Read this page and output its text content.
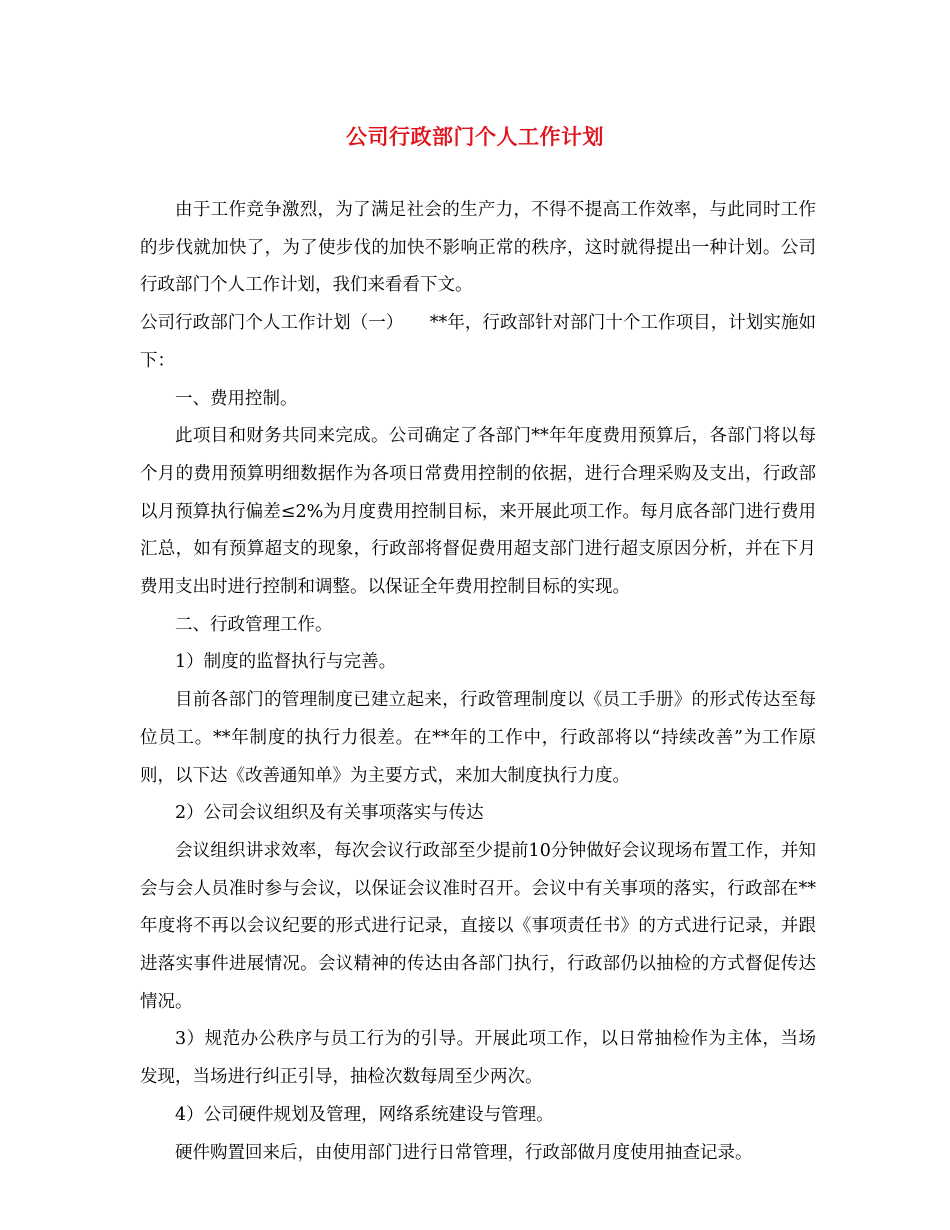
公司行政部门个人工作计划

由于工作竞争激烈，为了满足社会的生产力，不得不提高工作效率，与此同时工作的步伐就加快了，为了使步伐的加快不影响正常的秩序，这时就得提出一种计划。公司行政部门个人工作计划，我们来看看下文。

公司行政部门个人工作计划（一）　　**年，行政部针对部门十个工作项目，计划实施如下：

一、费用控制。

此项目和财务共同来完成。公司确定了各部门**年年度费用预算后，各部门将以每个月的费用预算明细数据作为各项日常费用控制的依据，进行合理采购及支出，行政部以月预算执行偏差≤2%为月度费用控制目标，来开展此项工作。每月底各部门进行费用汇总，如有预算超支的现象，行政部将督促费用超支部门进行超支原因分析，并在下月费用支出时进行控制和调整。以保证全年费用控制目标的实现。

二、行政管理工作。

1）制度的监督执行与完善。

目前各部门的管理制度已建立起来，行政管理制度以《员工手册》的形式传达至每位员工。**年制度的执行力很差。在**年的工作中，行政部将以“持续改善”为工作原则，以下达《改善通知单》为主要方式，来加大制度执行力度。

2）公司会议组织及有关事项落实与传达

会议组织讲求效率，每次会议行政部至少提前10分钟做好会议现场布置工作，并知会与会人员准时参与会议，以保证会议准时召开。会议中有关事项的落实，行政部在**年度将不再以会议纪要的形式进行记录，直接以《事项责任书》的方式进行记录，并跟进落实事件进展情况。会议精神的传达由各部门执行，行政部仍以抽检的方式督促传达情况。

3）规范办公秩序与员工行为的引导。开展此项工作，以日常抽检作为主体，当场发现，当场进行纠正引导，抽检次数每周至少两次。

4）公司硬件规划及管理，网络系统建设与管理。

硬件购置回来后，由使用部门进行日常管理，行政部做月度使用抽查记录。
